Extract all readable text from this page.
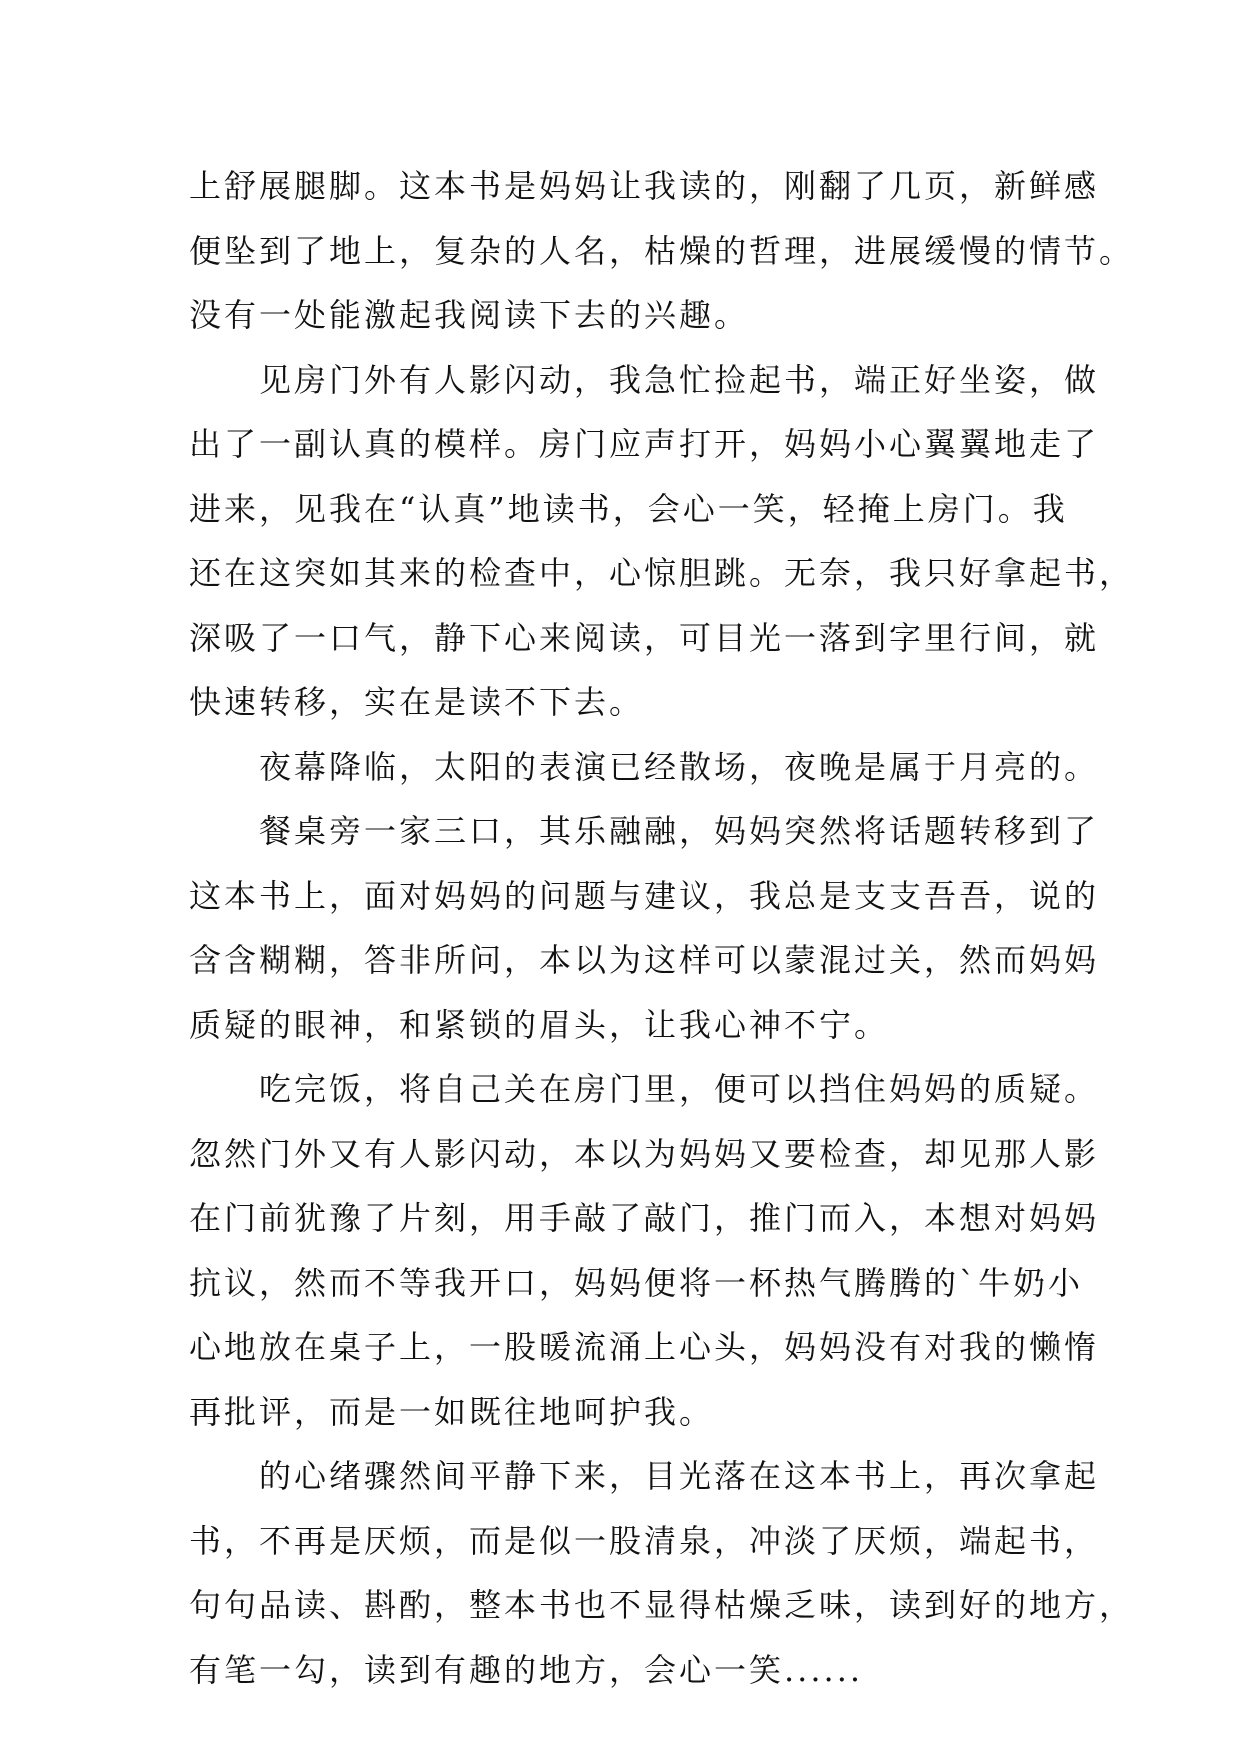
上舒展腿脚。这本书是妈妈让我读的，刚翻了几页，新鲜感
便坠到了地上，复杂的人名，枯燥的哲理，进展缓慢的情节。
没有一处能激起我阅读下去的兴趣。
见房门外有人影闪动，我急忙捡起书，端正好坐姿，做
出了一副认真的模样。房门应声打开，妈妈小心翼翼地走了
进来，见我在“认真”地读书，会心一笑，轻掩上房门。我
还在这突如其来的检查中，心惊胆跳。无奈，我只好拿起书，
深吸了一口气，静下心来阅读，可目光一落到字里行间，就
快速转移，实在是读不下去。
夜幕降临，太阳的表演已经散场，夜晚是属于月亮的。
餐桌旁一家三口，其乐融融，妈妈突然将话题转移到了
这本书上，面对妈妈的问题与建议，我总是支支吾吾，说的
含含糊糊，答非所问，本以为这样可以蒙混过关，然而妈妈
质疑的眼神，和紧锁的眉头，让我心神不宁。
吃完饭，将自己关在房门里，便可以挡住妈妈的质疑。
忽然门外又有人影闪动，本以为妈妈又要检查，却见那人影
在门前犹豫了片刻，用手敲了敲门，推门而入，本想对妈妈
抗议，然而不等我开口，妈妈便将一杯热气腾腾的`牛奶小
心地放在桌子上，一股暖流涌上心头，妈妈没有对我的懒惰
再批评，而是一如既往地呵护我。
的心绪骤然间平静下来，目光落在这本书上，再次拿起
书，不再是厌烦，而是似一股清泉，冲淡了厌烦，端起书，
句句品读、斟酌，整本书也不显得枯燥乏味，读到好的地方，
有笔一勾，读到有趣的地方，会心一笑......
